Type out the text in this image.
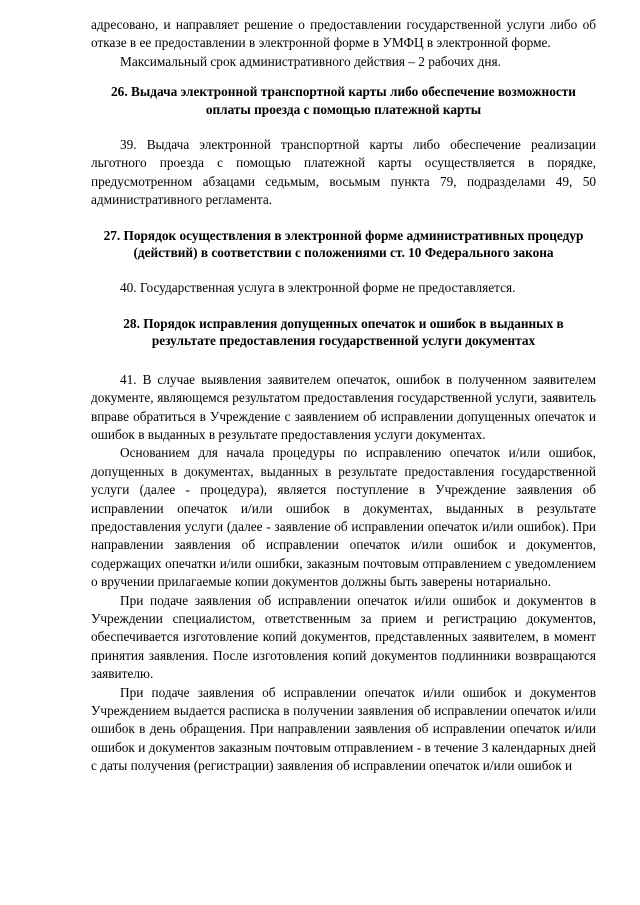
адресовано, и направляет решение о предоставлении государственной услуги либо об отказе в ее предоставлении в электронной форме в УМФЦ в электронной форме.

Максимальный срок административного действия – 2 рабочих дня.

26. Выдача электронной транспортной карты либо обеспечение возможности оплаты проезда с помощью платежной карты

39. Выдача электронной транспортной карты либо обеспечение реализации льготного проезда с помощью платежной карты осуществляется в порядке, предусмотренном абзацами седьмым, восьмым пункта 79, подразделами 49, 50 административного регламента.

27. Порядок осуществления в электронной форме административных процедур (действий) в соответствии с положениями ст. 10 Федерального закона

40. Государственная услуга в электронной форме не предоставляется.

28. Порядок исправления допущенных опечаток и ошибок в выданных в результате предоставления государственной услуги документах

41. В случае выявления заявителем опечаток, ошибок в полученном заявителем документе, являющемся результатом предоставления государственной услуги, заявитель вправе обратиться в Учреждение с заявлением об исправлении допущенных опечаток и ошибок в выданных в результате предоставления услуги документах.

Основанием для начала процедуры по исправлению опечаток и/или ошибок, допущенных в документах, выданных в результате предоставления государственной услуги (далее - процедура), является поступление в Учреждение заявления об исправлении опечаток и/или ошибок в документах, выданных в результате предоставления услуги (далее - заявление об исправлении опечаток и/или ошибок). При направлении заявления об исправлении опечаток и/или ошибок и документов, содержащих опечатки и/или ошибки, заказным почтовым отправлением с уведомлением о вручении прилагаемые копии документов должны быть заверены нотариально.

При подаче заявления об исправлении опечаток и/или ошибок и документов в Учреждении специалистом, ответственным за прием и регистрацию документов, обеспечивается изготовление копий документов, представленных заявителем, в момент принятия заявления. После изготовления копий документов подлинники возвращаются заявителю.

При подаче заявления об исправлении опечаток и/или ошибок и документов Учреждением выдается расписка в получении заявления об исправлении опечаток и/или ошибок в день обращения. При направлении заявления об исправлении опечаток и/или ошибок и документов заказным почтовым отправлением - в течение 3 календарных дней с даты получения (регистрации) заявления об исправлении опечаток и/или ошибок и
